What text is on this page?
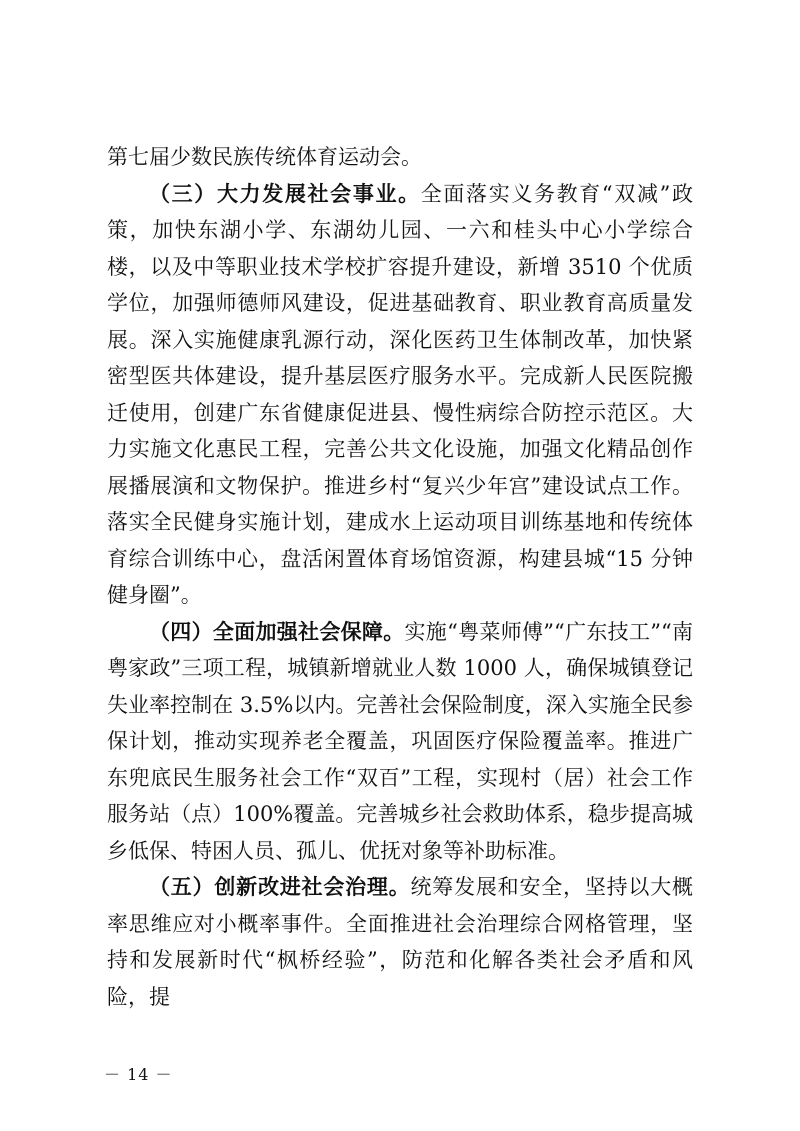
第七届少数民族传统体育运动会。

（三）大力发展社会事业。全面落实义务教育“双减”政策，加快东湖小学、东湖幼儿园、一六和桂头中心小学综合楼，以及中等职业技术学校扩容提升建设，新增 3510 个优质学位，加强师德师风建设，促进基础教育、职业教育高质量发展。深入实施健康乳源行动，深化医药卫生体制改革，加快紧密型医共体建设，提升基层医疗服务水平。完成新人民医院搬迁使用，创建广东省健康促进县、慢性病综合防控示范区。大力实施文化惠民工程，完善公共文化设施，加强文化精品创作展播展演和文物保护。推进乡村“复兴少年宫”建设试点工作。落实全民健身实施计划，建成水上运动项目训练基地和传统体育综合训练中心，盘活闲置体育场馆资源，构建县城“15 分钟健身圈”。

（四）全面加强社会保障。实施“粤菜师傅”“广东技工”“南粤家政”三项工程，城镇新增就业人数 1000 人，确保城镇登记失业率控制在 3.5%以内。完善社会保险制度，深入实施全民参保计划，推动实现养老全覆盖，巩固医疗保险覆盖率。推进广东兜底民生服务社会工作“双百”工程，实现村（居）社会工作服务站（点）100%覆盖。完善城乡社会救助体系，稳步提高城乡低保、特困人员、孤儿、优抚对象等补助标准。

（五）创新改进社会治理。统筹发展和安全，坚持以大概率思维应对小概率事件。全面推进社会治理综合网格管理，坚持和发展新时代“枫桥经验”，防范和化解各类社会矛盾和风险，提

－ 14 －
